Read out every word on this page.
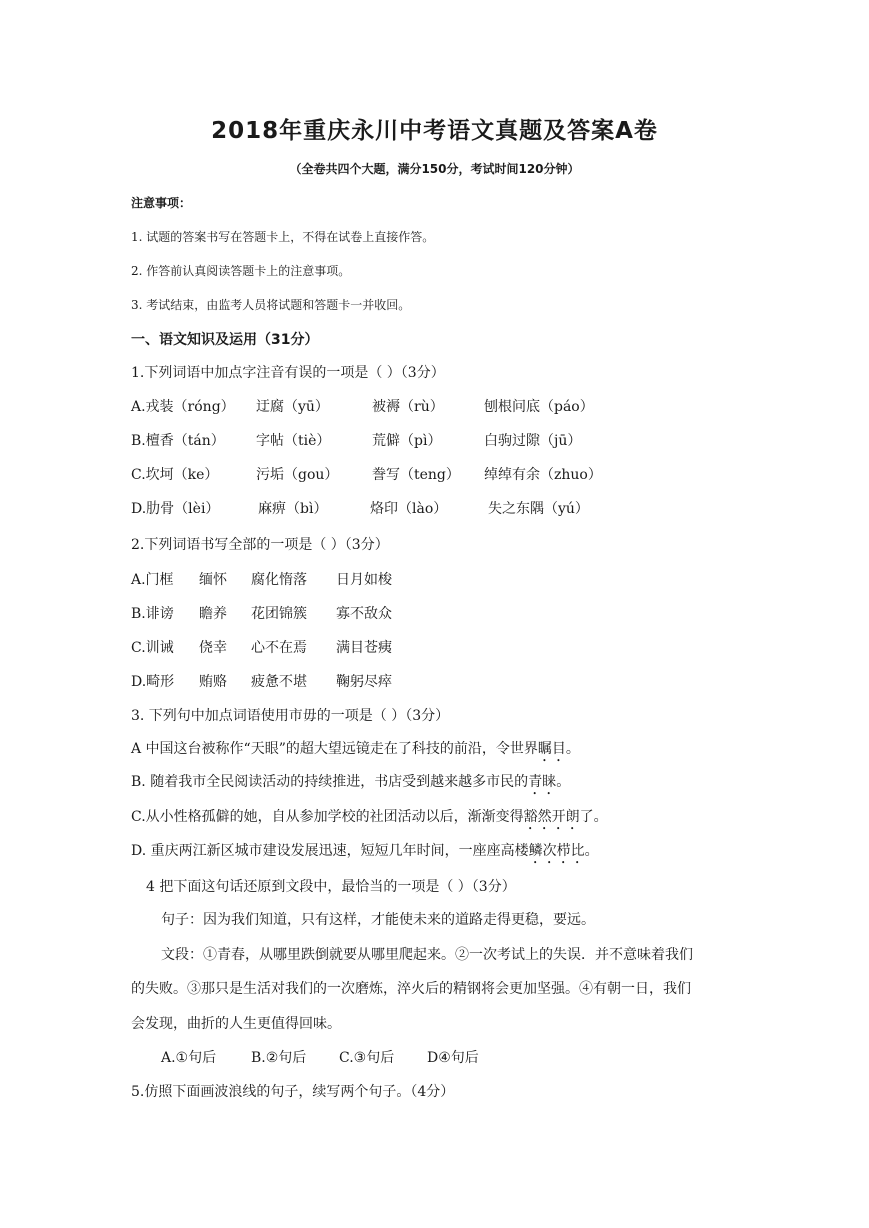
2018年重庆永川中考语文真题及答案A卷
（全卷共四个大题，满分150分，考试时间120分钟）
注意事项：
1. 试题的答案书写在答题卡上，不得在试卷上直接作答。
2. 作答前认真阅读答题卡上的注意事项。
3. 考试结束，由监考人员将试题和答题卡一并收回。
一、语文知识及运用（31分）
1.下列词语中加点字注音有误的一项是（ ）（3分）
A.戎装（róng） 迂腐（yū）	被褥（rù）	刨根问底（páo）
B.檀香（tán） 字帖（tiè）	荒僻（pì）	白驹过隙（jū）
C.坎坷（ke）	污垢（gou） 誊写（teng） 绰绰有余（zhuo）
D.肋骨（lèi）	麻痹（bì）	烙印（lào）	失之东隅（yú）
2.下列词语书写全部的一项是（ ）（3分）
A.门框 缅怀 腐化惰落 日月如梭
B.诽谤 瞻养 花团锦簇 寡不敌众
C.训诫 侥幸 心不在焉 满目苍痍
D.畸形 贿赂 疲惫不堪 鞠躬尽瘁
3. 下列句中加点词语使用市毋的一项是（ ）（3分）
A 中国这台被称作“天眼”的超大望远镜走在了科技的前沿，令世界瞩目。
B. 随着我市全民阅读活动的持续推进，书店受到越来越多市民的青睐。
C.从小性格孤僻的她，自从参加学校的社团活动以后，渐渐变得豁然开朗了。
D. 重庆两江新区城市建设发展迅速，短短几年时间，一座座高楼鳞次栉比。
4 把下面这句话还原到文段中，最恰当的一项是（ ）（3分）
句子：因为我们知道，只有这样，才能使未来的道路走得更稳，要远。
文段：①青春，从哪里跌倒就要从哪里爬起来。②一次考试上的失误．并不意味着我们
的失败。③那只是生活对我们的一次磨炼，淬火后的精钢将会更加坚强。④有朝一日，我们
会发现，曲折的人生更值得回味。
A.①句后 B.②句后 C.③句后 D④句后
5.仿照下面画波浪线的句子，续写两个句子。（4分）
